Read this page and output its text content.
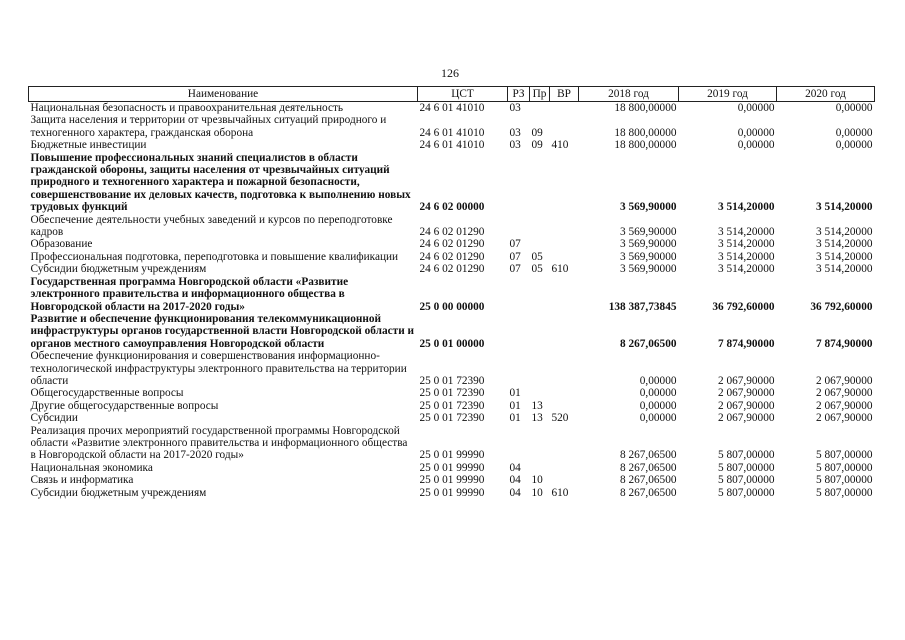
126
Наименование	ЦСТ	РЗ	Пр	ВР	2018 год	2019 год	2020 год
Национальная безопасность и правоохранительная деятельность	24 6 01 41010	03			18 800,00000	0,00000	0,00000
Защита населения и территории от чрезвычайных ситуаций природного и техногенного характера, гражданская оборона	24 6 01 41010	03	09		18 800,00000	0,00000	0,00000
Бюджетные инвестиции	24 6 01 41010	03	09	410	18 800,00000	0,00000	0,00000
Повышение профессиональных знаний специалистов в области гражданской обороны, защиты населения от чрезвычайных ситуаций природного и техногенного характера и пожарной безопасности, совершенствование их деловых качеств, подготовка к выполнению новых трудовых функций	24 6 02 00000				3 569,90000	3 514,20000	3 514,20000
Обеспечение деятельности учебных заведений и курсов по переподготовке кадров	24 6 02 01290				3 569,90000	3 514,20000	3 514,20000
Образование	24 6 02 01290	07			3 569,90000	3 514,20000	3 514,20000
Профессиональная подготовка, переподготовка и повышение квалификации	24 6 02 01290	07	05		3 569,90000	3 514,20000	3 514,20000
Субсидии бюджетным учреждениям	24 6 02 01290	07	05	610	3 569,90000	3 514,20000	3 514,20000
Государственная программа Новгородской области «Развитие электронного правительства и информационного общества в Новгородской области на 2017-2020 годы»	25 0 00 00000				138 387,73845	36 792,60000	36 792,60000
Развитие и обеспечение функционирования телекоммуникационной инфраструктуры органов государственной власти Новгородской области и органов местного самоуправления Новгородской области	25 0 01 00000				8 267,06500	7 874,90000	7 874,90000
Обеспечение функционирования и совершенствования информационно- технологической инфраструктуры электронного правительства на территории области	25 0 01 72390				0,00000	2 067,90000	2 067,90000
Общегосударственные вопросы	25 0 01 72390	01			0,00000	2 067,90000	2 067,90000
Другие общегосударственные вопросы	25 0 01 72390	01	13		0,00000	2 067,90000	2 067,90000
Субсидии	25 0 01 72390	01	13	520	0,00000	2 067,90000	2 067,90000
Реализация прочих мероприятий государственной программы Новгородской области «Развитие электронного правительства и информационного общества в Новгородской области на 2017-2020 годы»	25 0 01 99990				8 267,06500	5 807,00000	5 807,00000
Национальная экономика	25 0 01 99990	04			8 267,06500	5 807,00000	5 807,00000
Связь и информатика	25 0 01 99990	04	10		8 267,06500	5 807,00000	5 807,00000
Субсидии бюджетным учреждениям	25 0 01 99990	04	10	610	8 267,06500	5 807,00000	5 807,00000
